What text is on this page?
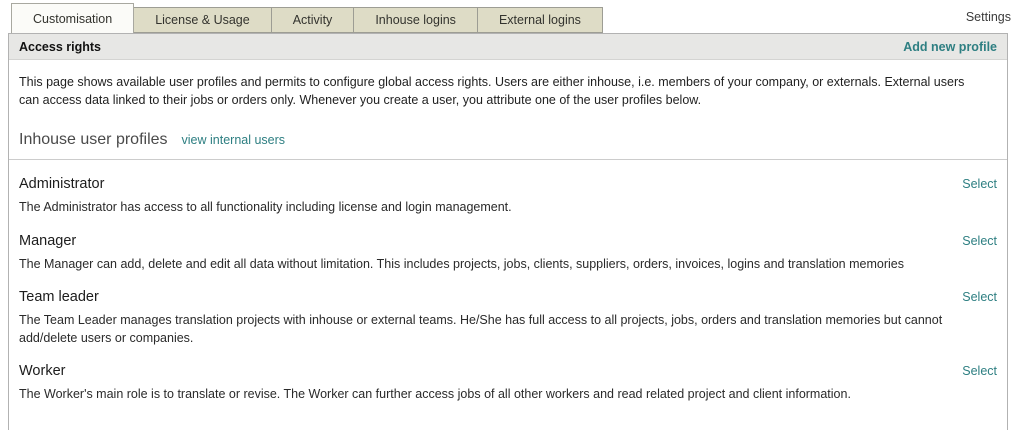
Customisation	License & Usage	Activity	Inhouse logins	External logins	Settings
Access rights	Add new profile

This page shows available user profiles and permits to configure global access rights. Users are either inhouse, i.e. members of your company, or externals. External users can access data linked to their jobs or orders only. Whenever you create a user, you attribute one of the user profiles below.

Inhouse user profiles view internal users
Administrator	Select
The Administrator has access to all functionality including license and login management.
Manager	Select
The Manager can add, delete and edit all data without limitation. This includes projects, jobs, clients, suppliers, orders, invoices, logins and translation memories
Team leader	Select
The Team Leader manages translation projects with inhouse or external teams. He/She has full access to all projects, jobs, orders and translation memories but cannot add/delete users or companies.
Worker	Select
The Worker's main role is to translate or revise. The Worker can further access jobs of all other workers and read related project and client information.
